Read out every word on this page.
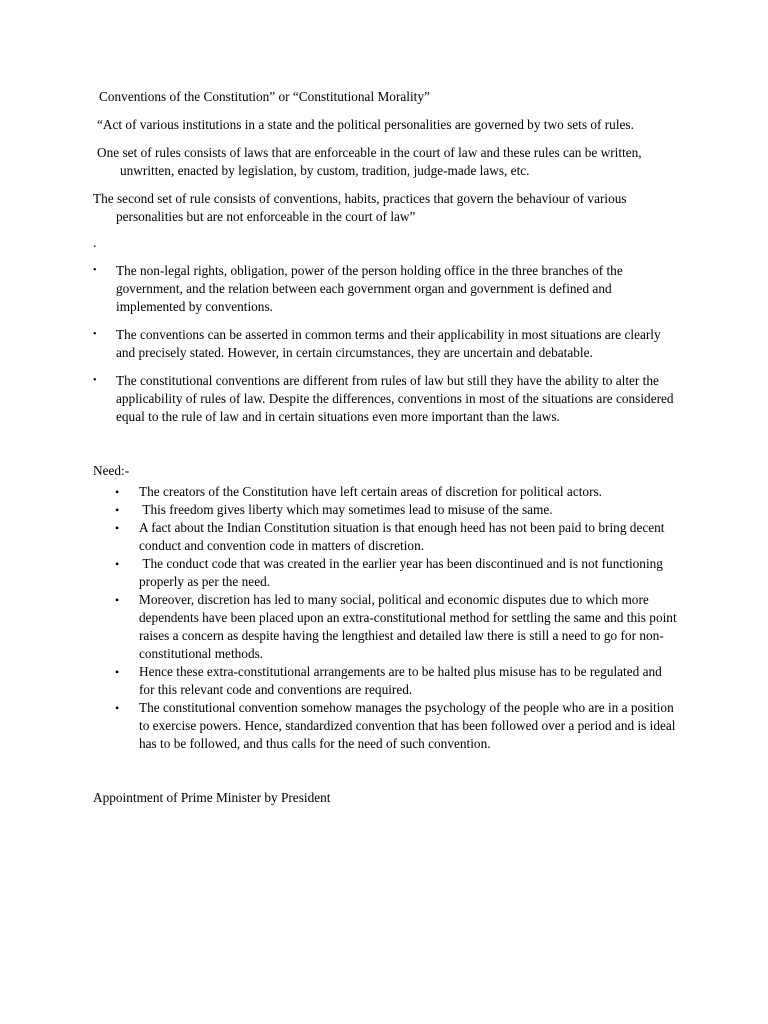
Conventions of the Constitution” or “Constitutional Morality”

“Act of various institutions in a state and the political personalities are governed by two sets of rules.

One set of rules consists of laws that are enforceable in the court of law and these rules can be written, unwritten, enacted by legislation, by custom, tradition, judge-made laws, etc.

The second set of rule consists of conventions, habits, practices that govern the behaviour of various personalities but are not enforceable in the court of law”

.

• The non-legal rights, obligation, power of the person holding office in the three branches of the government, and the relation between each government organ and government is defined and implemented by conventions.
• The conventions can be asserted in common terms and their applicability in most situations are clearly and precisely stated. However, in certain circumstances, they are uncertain and debatable.
• The constitutional conventions are different from rules of law but still they have the ability to alter the applicability of rules of law. Despite the differences, conventions in most of the situations are considered equal to the rule of law and in certain situations even more important than the laws.

Need:-

• The creators of the Constitution have left certain areas of discretion for political actors.
• This freedom gives liberty which may sometimes lead to misuse of the same.
• A fact about the Indian Constitution situation is that enough heed has not been paid to bring decent conduct and convention code in matters of discretion.
• The conduct code that was created in the earlier year has been discontinued and is not functioning properly as per the need.
• Moreover, discretion has led to many social, political and economic disputes due to which more dependents have been placed upon an extra-constitutional method for settling the same and this point raises a concern as despite having the lengthiest and detailed law there is still a need to go for non-constitutional methods.
• Hence these extra-constitutional arrangements are to be halted plus misuse has to be regulated and for this relevant code and conventions are required.
• The constitutional convention somehow manages the psychology of the people who are in a position to exercise powers. Hence, standardized convention that has been followed over a period and is ideal has to be followed, and thus calls for the need of such convention.

Appointment of Prime Minister by President
